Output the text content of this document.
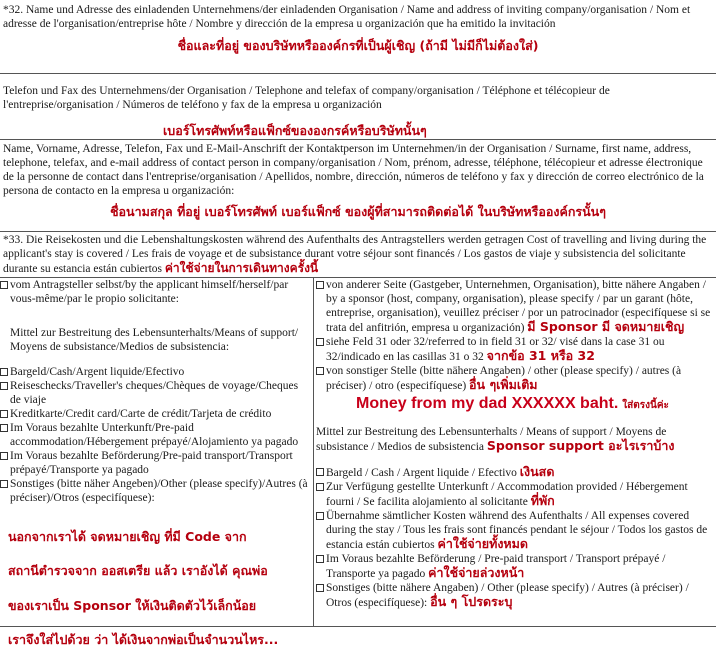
*32. Name und Adresse des einladenden Unternehmens/der einladenden Organisation / Name and address of inviting company/organisation / Nom et adresse de l'organisation/entreprise hôte / Nombre y dirección de la empresa u organización que ha emitido la invitación

ชื่อและที่อยู่ ของบริษัทหรือองค์กรที่เป็นผู้เชิญ (ถ้ามี ไม่มีก็ไม่ต้องใส่)

Telefon und Fax des Unternehmens/der Organisation / Telephone and telefax of company/organisation / Téléphone et télécopieur de l'entreprise/organisation / Números de teléfono y fax de la empresa u organización

เบอร์โทรศัพท์หรือแฟ็กซ์ขององกรค์หรือบริษัทนั้นๆ

Name, Vorname, Adresse, Telefon, Fax und E-Mail-Anschrift der Kontaktperson im Unternehmen/in der Organisation / Surname, first name, address, telephone, telefax, and e-mail address of contact person in company/organisation / Nom, prénom, adresse, téléphone, télécopieur et adresse électronique de la personne de contact dans l'entreprise/organisation / Apellidos, nombre, dirección, números de teléfono y fax y dirección de correo electrónico de la persona de contacto en la empresa u organización:

ชื่อนามสกุล ที่อยู่ เบอร์โทรศัพท์ เบอร์แฟ็กซ์ ของผู้ที่สามารถติดต่อได้ ในบริษัทหรือองค์กรนั้นๆ

*33. Die Reisekosten und die Lebenshaltungskosten während des Aufenthalts des Antragstellers werden getragen Cost of travelling and living during the applicant's stay is covered / Les frais de voyage et de subsistance durant votre séjour sont financés / Los gastos de viaje y subsistencia del solicitante durante su estancia están cubiertos ค่าใช้จ่ายในการเดินทางครั้งนี้

vom Antragsteller selbst/by the applicant himself/herself/par vous-même/par le propio solicitante:

Mittel zur Bestreitung des Lebensunterhalts/Means of support/ Moyens de subsistance/Medios de subsistencia:

Bargeld/Cash/Argent liquide/Efectivo
Reiseschecks/Traveller's cheques/Chèques de voyage/Cheques de viaje
Kreditkarte/Credit card/Carte de crédit/Tarjeta de crédito
Im Voraus bezahlte Unterkunft/Pre-paid accommodation/Hébergement prépayé/Alojamiento ya pagado
Im Voraus bezahlte Beförderung/Pre-paid transport/Transport prépayé/Transporte ya pagado
Sonstiges (bitte näher Angeben)/Other (please specify)/Autres (à préciser)/Otros (especifíquese):

นอกจากเราได้ จดหมายเชิญ ที่มี Code จาก

สถานีตำรวจจาก ออสเตรีย แล้ว เราอังได้ คุณพ่อ

ของเราเป็น Sponsor ให้เงินติดตัวไว้เล็กน้อย

เราจึงใส่ไปด้วย ว่า ได้เงินจากพ่อเป็นจำนวนไหร...

von anderer Seite (Gastgeber, Unternehmen, Organisation), bitte nähere Angaben / by a sponsor (host, company, organisation), please specify / par un garant (hôte, entreprise, organisation), veuillez préciser / por un patrocinador (especifíquese si se trata del anfitrión, empresa u organización) มี Sponsor มี จดหมายเชิญ
siehe Feld 31 oder 32/referred to in field 31 or 32/ visé dans la case 31 ou 32/indicado en las casillas 31 o 32 จากข้อ 31 หรือ 32
von sonstiger Stelle (bitte nähere Angaben) / other (please specify) / autres (à préciser) / otro (especifíquese) อื่น ๆเพิ่มเติม

Money from my dad XXXXXX baht. ใส่ตรงนี้ค่ะ

Mittel zur Bestreitung des Lebensunterhalts / Means of support / Moyens de subsistance / Medios de subsistencia Sponsor support อะไรเราบ้าง

Bargeld / Cash / Argent liquide / Efectivo เงินสด
Zur Verfügung gestellte Unterkunft / Accommodation provided / Hébergement fourni / Se facilita alojamiento al solicitante ที่พัก
Übernahme sämtlicher Kosten während des Aufenthalts / All expenses covered during the stay / Tous les frais sont financés pendant le séjour / Todos los gastos de estancia están cubiertos ค่าใช้จ่ายทั้งหมด
Im Voraus bezahlte Beförderung / Pre-paid transport / Transport prépayé / Transporte ya pagado ค่าใช้จ่ายล่วงหน้า
Sonstiges (bitte nähere Angaben) / Other (please specify) / Autres (à préciser) / Otros (especifíquese): อื่น ๆ โปรดระบุ
